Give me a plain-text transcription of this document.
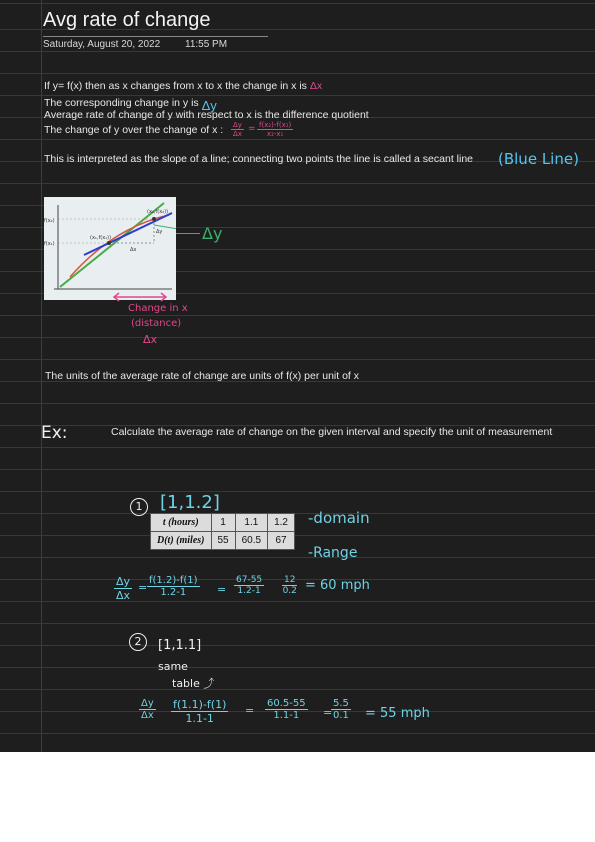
Avg rate of change
Saturday, August 20, 2022 11:55 PM
If y= f(x) then as x changes from x to x the change in x is Δx
The corresponding change in y is Δy
Average rate of change of y with respect to x is the difference quotient
The change of y over the change of x : $\frac{\Delta y}{\Delta x} = \frac{\text{f(x₂)-f(x₁)}}{\text{x₂-x₁}}$
This is interpreted as the slope of a line; connecting two points the line is called a secant line (Blue Line)
(x₁,f(x₁))
(x₂,f(x₂))
f(x₂)
f(x₁)
Δx
Δy Δy
Change in x
(distance)
Δx
The units of the average rate of change are units of f(x) per unit of x
Ex:	Calculate the average rate of change on the given interval and specify the unit of measurement
1 [1,1.2]
t (hours)	1	1.1	1.2
D(t) (miles)	55	60.5	67
-domain
-Range
$\frac{\Delta y}{\Delta x} = \frac{f(1.2)-f(1)}{1.2-1} = \frac{67-55}{1.2-1} \frac{12}{0.2} = 60$ mph
2	[1,1.1]
same
table ⤴
$\frac{\Delta y}{\Delta x} \frac{f(1.1)-f(1)}{1.1-1} = \frac{60.5-55}{1.1-1}$ =
$\frac{5.5}{0.1} = 55$ mph
